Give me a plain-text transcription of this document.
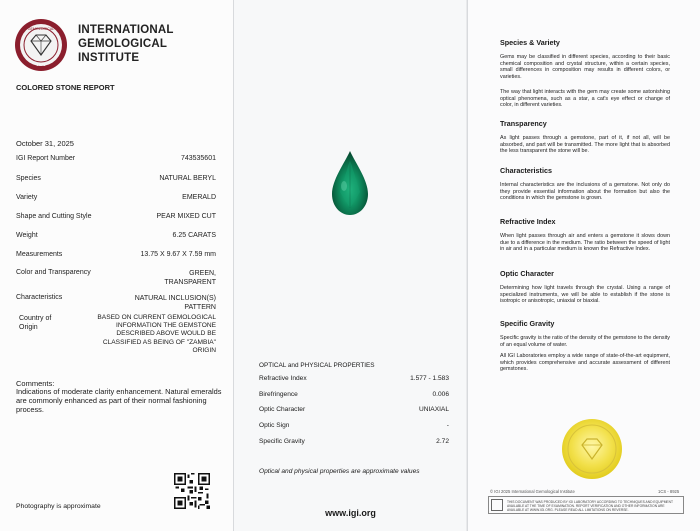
GEMOLOGICAL
1975
INTERNATIONAL
GEMOLOGICAL
INSTITUTE
COLORED STONE REPORT
October 31, 2025
IGI Report Number	743535601
Species	NATURAL BERYL
Variety	EMERALD
Shape and Cutting Style	PEAR MIXED CUT
Weight	6.25 CARATS
Measurements	13.75 X 9.67 X 7.59 mm
Color and Transparency	GREEN,
TRANSPARENT
Characteristics	NATURAL INCLUSION(S)
PATTERN
Country of
Origin
BASED ON CURRENT GEMOLOGICAL INFORMATION THE GEMSTONE DESCRIBED ABOVE WOULD BE CLASSIFIED AS BEING OF "ZAMBIA" ORIGIN
Comments:
Indications of moderate clarity enhancement. Natural emeralds are commonly enhanced as part of their normal fashioning process.
Photography is approximate
OPTICAL and PHYSICAL PROPERTIES
Refractive Index	1.577 - 1.583
Birefringence	0.006
Optic Character	UNIAXIAL
Optic Sign	-
Specific Gravity	2.72
Optical and physical properties are approximate values
www.igi.org
Species & Variety
Gems may be classified in different species, according to their basic chemical composition and crystal structure, within a certain species, small differences in composition may results in different colors, or varieties.
The way that light interacts with the gem may create some astonishing optical phenomena, such as a star, a cat's eye effect or change of color, in different varieties.
Transparency
As light passes through a gemstone, part of it, if not all, will be absorbed, and part will be transmitted. The more light that is absorbed the less transparent the stone will be.
Characteristics
Internal characteristics are the inclusions of a gemstone. Not only do they provide essential information about the formation but also the conditions in which the gemstone is grown.
Refractive Index
When light passes through air and enters a gemstone it slows down due to a difference in the medium. The ratio between the speed of light in air and in a particular medium is known the Refractive Index.
Optic Character
Determining how light travels through the crystal. Using a range of specialized instruments, we will be able to establish if the stone is isotropic or anisotropic, uniaxial or biaxial.
Specific Gravity
Specific gravity is the ratio of the density of the gemstone to the density of an equal volume of water.
All IGI Laboratories employ a wide range of state-of-the-art equipment, which provides comprehensive and accurate assessment of different gemstones.
© IGI 2025 International Gemological Institute	1CS - 8925
THIS DOCUMENT WAS PRODUCED BY IGI LABORATORY ACCORDING TO TECHNIQUES AND EQUIPMENT AVAILABLE AT THE TIME OF EXAMINATION. REPORT VERIFICATION AND OTHER INFORMATION ARE AVAILABLE AT WWW.IGI.ORG. PLEASE READ ALL LIMITATIONS ON REVERSE.
